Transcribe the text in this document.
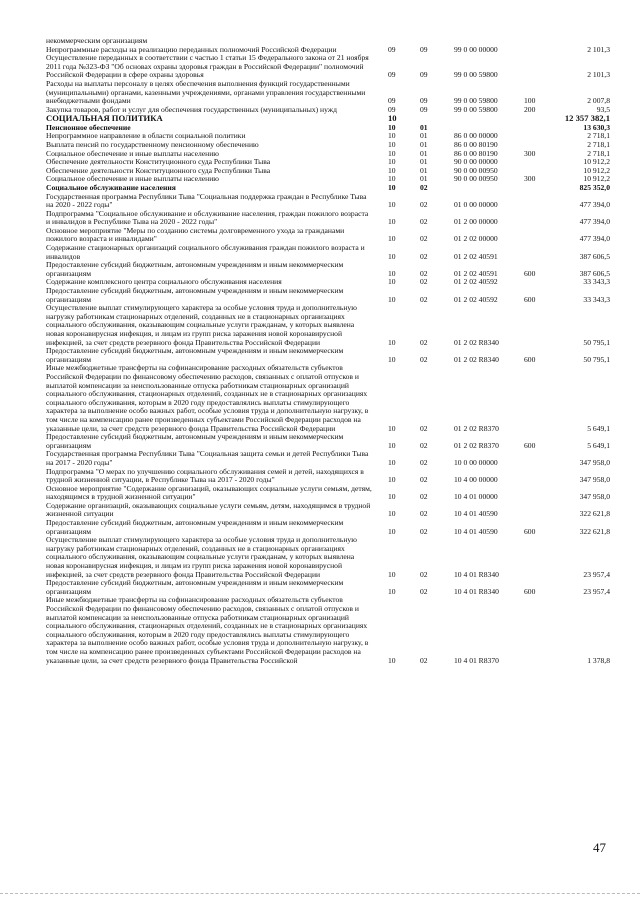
некоммерческим организациям
Непрограммные расходы на реализацию переданных полномочий Российской Федерации	09	09	99 0 00 00000	2 101,3
Осуществление переданных в соответствии с частью 1 статьи 15 Федерального закона от 21 ноября 2011 года №323-ФЗ "Об основах охраны здоровья граждан в Российской Федерации" полномочий Российской Федерации в сфере охраны здоровья	09	09	99 0 00 59800	2 101,3
Расходы на выплаты персоналу в целях обеспечения выполнения функций государственными (муниципальными) органами, казенными учреждениями, органами управления государственными внебюджетными фондами	09	09	99 0 00 59800	100	2 007,8
Закупка товаров, работ и услуг для обеспечения государственных (муниципальных) нужд	09	09	99 0 00 59800	200	93,5
СОЦИАЛЬНАЯ ПОЛИТИКА	10	12 357 382,1
Пенсионное обеспечение	10	01	13 630,3
Непрограммное направление в области социальной политики	10	01	86 0 00 00000	2 718,1
Выплата пенсий по государственному пенсионному обеспечению	10	01	86 0 00 80190	2 718,1
Социальное обеспечение и иные выплаты населению	10	01	86 0 00 80190	300	2 718,1
Обеспечение деятельности Конституционного суда Республики Тыва	10	01	90 0 00 00000	10 912,2
Обеспечение деятельности Конституционного суда Республики Тыва	10	01	90 0 00 00950	10 912,2
Социальное обеспечение и иные выплаты населению	10	01	90 0 00 00950	300	10 912,2
Социальное обслуживание населения	10	02	825 352,0
Государственная программа Республики Тыва "Социальная поддержка граждан в Республике Тыва на 2020 - 2022 годы"	10	02	01 0 00 00000	477 394,0
Подпрограмма "Социальное обслуживание и обслуживание населения, граждан пожилого возраста и инвалидов в Республике Тыва на 2020 - 2022 годы"	10	02	01 2 00 00000	477 394,0
Основное мероприятие "Меры по созданию системы долговременного ухода за гражданами пожилого возраста и инвалидами"	10	02	01 2 02 00000	477 394,0
Содержание стационарных организаций социального обслуживания граждан пожилого возраста и инвалидов	10	02	01 2 02 40591	387 606,5
Предоставление субсидий бюджетным, автономным учреждениям и иным некоммерческим организациям	10	02	01 2 02 40591	600	387 606,5
Содержание комплексного центра социального обслуживания населения	10	02	01 2 02 40592	33 343,3
Предоставление субсидий бюджетным, автономным учреждениям и иным некоммерческим организациям	10	02	01 2 02 40592	600	33 343,3
Осуществление выплат стимулирующего характера за особые условия труда и дополнительную нагрузку работникам стационарных отделений, созданных не в стационарных организациях социального обслуживания, оказывающим социальные услуги гражданам, у которых выявлена новая коронавирусная инфекция, и лицам из групп риска заражения новой коронавирусной инфекцией, за счет средств резервного фонда Правительства Российской Федерации	10	02	01 2 02 R8340	50 795,1
Предоставление субсидий бюджетным, автономным учреждениям и иным некоммерческим организациям	10	02	01 2 02 R8340	600	50 795,1
Иные межбюджетные трансферты на софинансирование расходных обязательств субъектов Российской Федерации по финансовому обеспечению расходов, связанных с оплатой отпусков и выплатой компенсации за неиспользованные отпуска работникам стационарных организаций социального обслуживания, стационарных отделений, созданных не в стационарных организациях социального обслуживания, которым в 2020 году предоставлялись выплаты стимулирующего характера за выполнение особо важных работ, особые условия труда и дополнительную нагрузку, в том числе на компенсацию ранее произведенных субъектами Российской Федерации расходов на указанные цели, за счет средств резервного фонда Правительства Российской Федерации	10	02	01 2 02 R8370	5 649,1
Предоставление субсидий бюджетным, автономным учреждениям и иным некоммерческим организациям	10	02	01 2 02 R8370	600	5 649,1
Государственная программа Республики Тыва "Социальная защита семьи и детей Республики Тыва на 2017 - 2020 годы"	10	02	10 0 00 00000	347 958,0
Подпрограмма "О мерах по улучшению социального обслуживания семей и детей, находящихся в трудной жизненной ситуации, в Республике Тыва на 2017 - 2020 годы"	10	02	10 4 00 00000	347 958,0
Основное мероприятие "Содержание организаций, оказывающих социальные услуги семьям, детям, находящимся в трудной жизненной ситуации"	10	02	10 4 01 00000	347 958,0
Содержание организаций, оказывающих социальные услуги семьям, детям, находящимся в трудной жизненной ситуации	10	02	10 4 01 40590	322 621,8
Предоставление субсидий бюджетным, автономным учреждениям и иным некоммерческим организациям	10	02	10 4 01 40590	600	322 621,8
Осуществление выплат стимулирующего характера за особые условия труда и дополнительную нагрузку работникам стационарных отделений, созданных не в стационарных организациях социального обслуживания, оказывающим социальные услуги гражданам, у которых выявлена новая коронавирусная инфекция, и лицам из групп риска заражения новой коронавирусной инфекцией, за счет средств резервного фонда Правительства Российской Федерации	10	02	10 4 01 R8340	23 957,4
Предоставление субсидий бюджетным, автономным учреждениям и иным некоммерческим организациям	10	02	10 4 01 R8340	600	23 957,4
Иные межбюджетные трансферты на софинансирование расходных обязательств субъектов Российской Федерации по финансовому обеспечению расходов, связанных с оплатой отпусков и выплатой компенсации за неиспользованные отпуска работникам стационарных организаций социального обслуживания, стационарных отделений, созданных не в стационарных организациях социального обслуживания, которым в 2020 году предоставлялись выплаты стимулирующего характера за выполнение особо важных работ, особые условия труда и дополнительную нагрузку, в том числе на компенсацию ранее произведенных субъектами Российской Федерации расходов на указанные цели, за счет средств резервного фонда Правительства Российской	10	02	10 4 01 R8370	1 378,8
47
